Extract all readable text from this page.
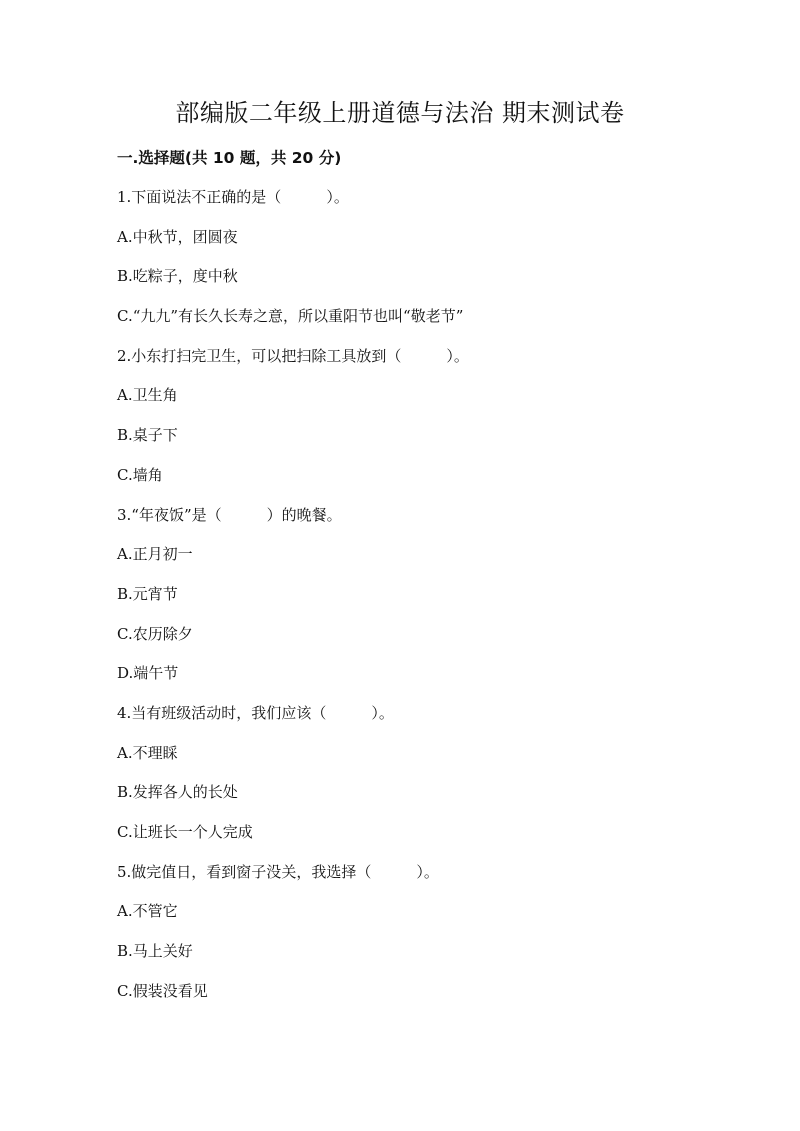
部编版二年级上册道德与法治 期末测试卷
一.选择题(共 10 题，共 20 分)
1.下面说法不正确的是（　　　）。
A.中秋节，团圆夜
B.吃粽子，度中秋
C.“九九”有长久长寿之意，所以重阳节也叫“敬老节”
2.小东打扫完卫生，可以把扫除工具放到（　　　）。
A.卫生角
B.桌子下
C.墙角
3.“年夜饭”是（　　　）的晚餐。
A.正月初一
B.元宵节
C.农历除夕
D.端午节
4.当有班级活动时，我们应该（　　　）。
A.不理睬
B.发挥各人的长处
C.让班长一个人完成
5.做完值日，看到窗子没关，我选择（　　　）。
A.不管它
B.马上关好
C.假装没看见
